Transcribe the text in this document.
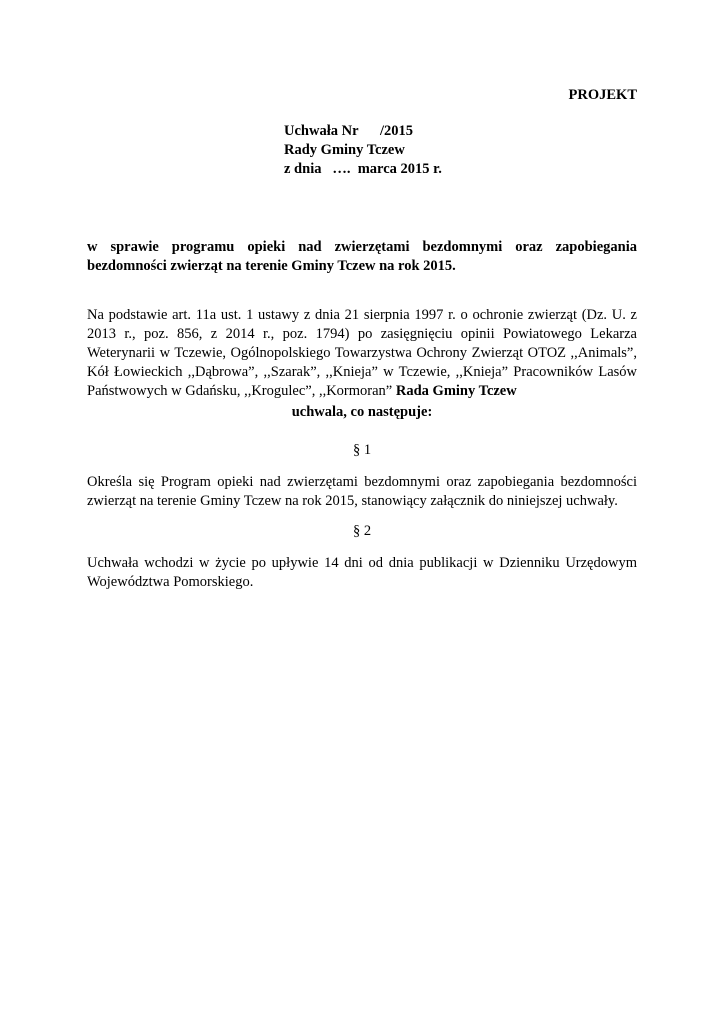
PROJEKT
Uchwała Nr      /2015
Rady Gminy Tczew
z dnia   ….  marca 2015 r.
w sprawie programu opieki nad zwierzętami bezdomnymi oraz zapobiegania bezdomności zwierząt na terenie Gminy Tczew na rok 2015.
Na podstawie art. 11a ust. 1 ustawy z dnia 21 sierpnia 1997 r. o ochronie zwierząt (Dz. U. z 2013 r., poz. 856, z 2014 r., poz. 1794) po zasięgnięciu opinii Powiatowego Lekarza Weterynarii w Tczewie, Ogólnopolskiego Towarzystwa Ochrony Zwierząt OTOZ ,,Animals”, Kół Łowieckich ,,Dąbrowa”, ,,Szarak”, ,,Knieja” w Tczewie, ,,Knieja” Pracowników Lasów Państwowych w Gdańsku, ,,Krogulec”, ,,Kormoran” Rada Gminy Tczew
uchwala, co następuje:
§ 1
Określa się Program opieki nad zwierzętami bezdomnymi oraz zapobiegania bezdomności zwierząt na terenie Gminy Tczew na rok 2015, stanowiący załącznik do niniejszej uchwały.
§ 2
Uchwała wchodzi w życie po upływie 14 dni od dnia publikacji w Dzienniku Urzędowym Województwa Pomorskiego.
